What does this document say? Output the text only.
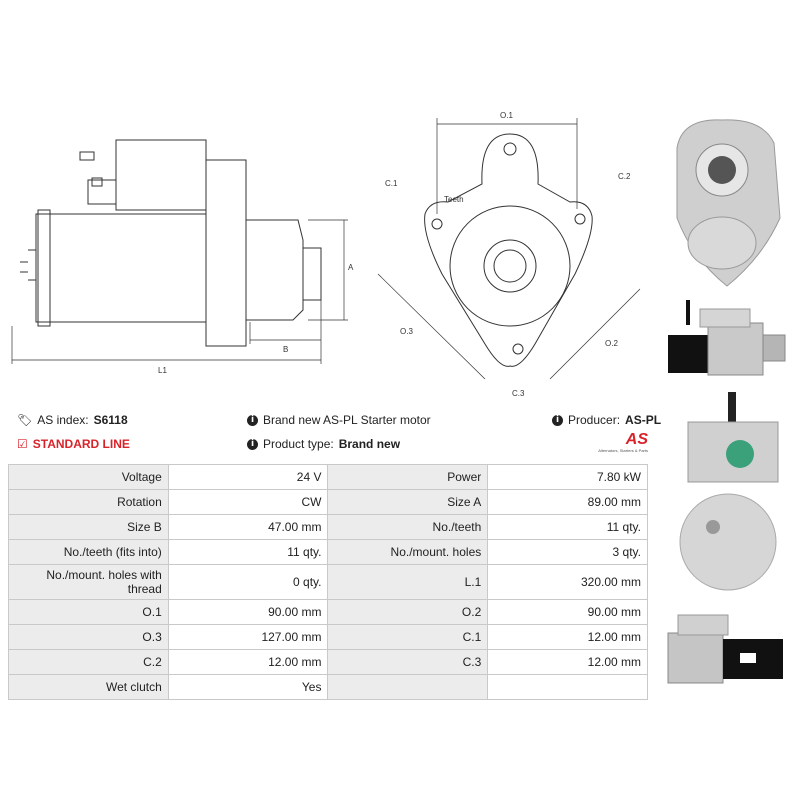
L1
B
A
O.1
O.3
O.2
C.1
C.2
C.3
Teeth
🏷 AS index: S6118
☑ STANDARD LINE
i Brand new AS-PL Starter motor
i Product type: Brand new
i Producer: AS-PL
AS
Alternators, Starters & Parts
Voltage	24 V	Power	7.80 kW
Rotation	CW	Size A	89.00 mm
Size B	47.00 mm	No./teeth	11 qty.
No./teeth (fits into)	11 qty.	No./mount. holes	3 qty.
No./mount. holes with thread	0 qty.	L.1	320.00 mm
O.1	90.00 mm	O.2	90.00 mm
O.3	127.00 mm	C.1	12.00 mm
C.2	12.00 mm	C.3	12.00 mm
Wet clutch	Yes		
